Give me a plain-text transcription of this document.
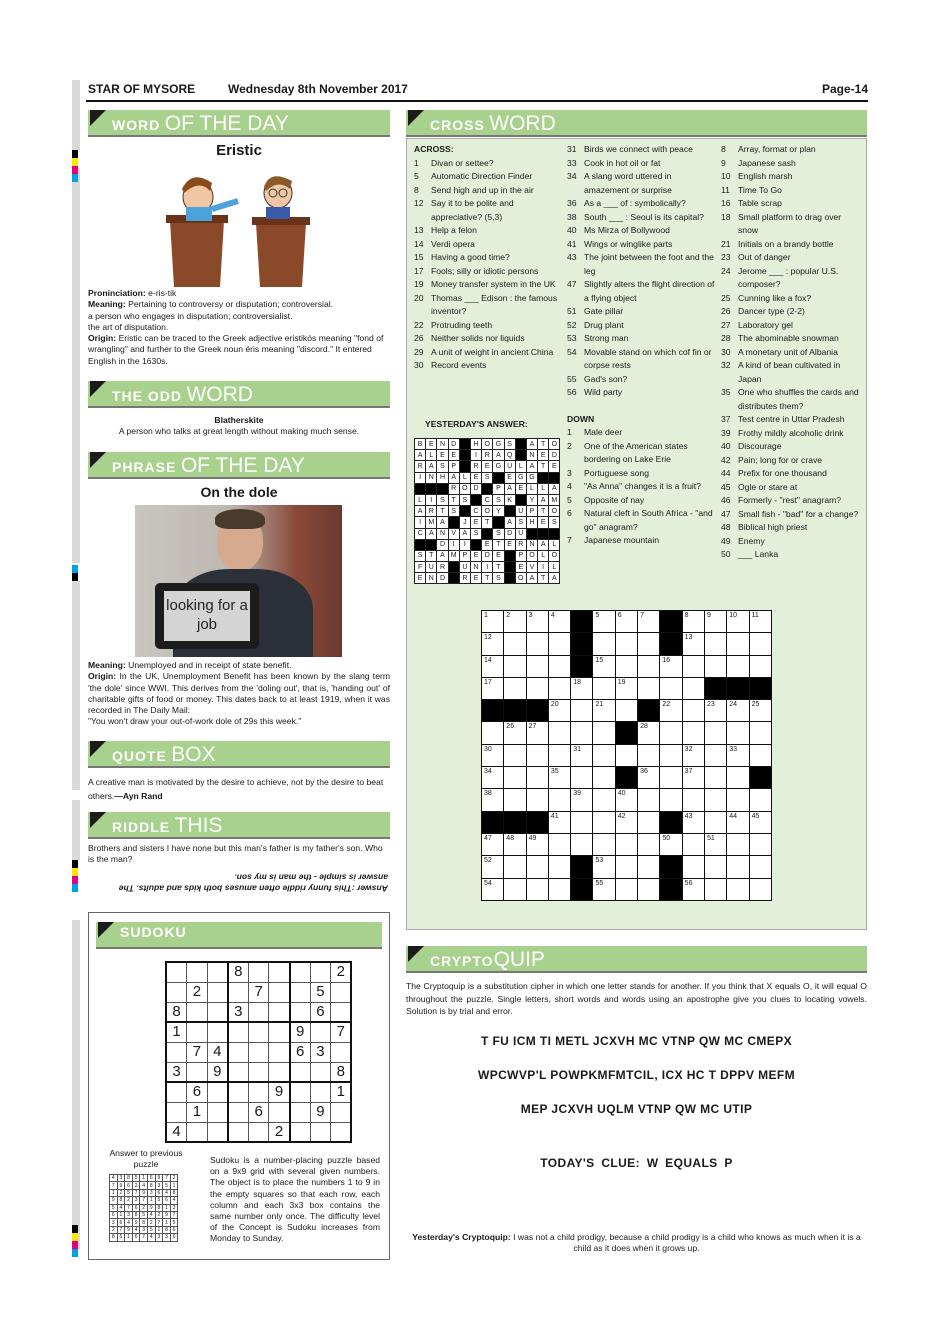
STAR OF MYSORE	Wednesday 8th November 2017	Page-14
WORD OF THE DAY
Eristic
Proninciation: e-ris-tik
Meaning: Pertaining to controversy or disputation; controversial.
a person who engages in disputation; controversialist.
the art of disputation.
Origin: Eristic can be traced to the Greek adjective eristikós meaning "fond of wrangling" and further to the Greek noun éris meaning "discord." It entered English in the 1630s.
THE ODD WORD
Blatherskite
A person who talks at great length without making much sense.
PHRASE OF THE DAY
On the dole
looking for a job
Meaning: Unemployed and in receipt of state benefit.
Origin: In the UK, Unemployment Benefit has been known by the slang term 'the dole' since WWI. This derives from the 'doling out', that is, 'handing out' of charitable gifts of food or money. This dates back to at least 1919, when it was recorded in The Daily Mail:
"You won't draw your out-of-work dole of 29s this week."
QUOTE BOX
A creative man is motivated by the desire to achieve, not by the desire to beat others.—Ayn Rand
RIDDLE THIS
Brothers and sisters I have none but this man's father is my father's son. Who is the man?
Answer :This funny riddle often amuses both kids and adults. The answer is simple - the man is my son.
SUDOKU
			8					2
	2			7			5	
8			3				6	
1						9		7
	7	4				6	3	
3		9						8
	6				9			1
	1			6			9	
4					2			
Answer to previous puzzle
4	3	8	5	1	6	9	7	2
7	9	6	2	4	8	3	5	1
1	2	5	7	9	3	6	4	8
9	8	2	3	7	1	5	6	4
5	4	7	6	2	9	8	1	3
6	1	3	8	5	4	2	9	7
3	6	4	9	8	2	7	1	5
2	7	9	4	3	5	1	8	6
8	5	1	6	7	4	3	3	6
Sudoku is a number-placing puzzle based on a 9x9 grid with several given numbers. The object is to place the numbers 1 to 9 in the empty squares so that each row, each column and each 3x3 box contains the same number only once. The difficulty level of the Concept is Sudoku increases from Monday to Sunday.
CROSS WORD
ACROSS:
1	Divan or settee?
5	Automatic Direction Finder
8	Send high and up in the air
12 Say it to be polite and appreciative? (5,3)
13 Help a felon
14 Verdi opera
15 Having a good time?
17 Fools; silly or idiotic persons
19 Money transfer system in the UK
20 Thomas ___ Edison : the famous inventor?
22 Protruding teeth
26 Neither solids nor liquids
29 A unit of weight in ancient China
30 Record events
YESTERDAY'S ANSWER:
B	E	N	D		H	O	G	S		A	T	O
A	L	E	E		I	R	A	Q		N	E	D
R	A	S	P		R	E	G	U	L	A	T	E
I	N	H	A	L	E	S		E	G	G		
			R	O	D		P	A	E	L	L	A
L	I	S	T	S		C	S	K		Y	A	M
A	R	T	S		C	O	Y		U	P	T	O
I	M	A		J	E	T		A	S	H	E	S
C	A	N	V	A	S		S	D	U			
		D	I	I		E	T	E	R	N	A	L
S	T	A	M	P	E	D	E		P	O	L	O
F	U	R		U	N	I	T		E	V	I	L
E	N	D		R	E	T	S		O	A	T	A
31 Birds we connect with peace
33 Cook in hot oil or fat
34 A slang word uttered in amazement or surprise
36 As a ___ of : symbolically?
38 South ___ : Seoul is its capital?
40 Ms Mirza of Bollywood
41 Wings or winglike parts
43 The joint between the foot and the leg
47 Slightly alters the flight direction of a flying object
51 Gate pillar
52 Drug plant
53 Strong man
54 Movable stand on which cof fin or corpse rests
55 Gad's son?
56 Wild party
DOWN
1	Male deer
2	One of the American states bordering on Lake Erie
3	Portuguese song
4	"As Anna" changes it is a fruit?
5	Opposite of nay
6	Natural cleft in South Africa - "and go" anagram?
7	Japanese mountain
8	Array, format or plan
9	Japanese sash
10 English marsh
11 Time To Go
16 Table scrap
18 Small platform to drag over snow
21 Initials on a brandy bottle
23 Out of danger
24 Jerome ___ : popular U.S. composer?
25 Cunning like a fox?
26 Dancer type (2-2)
27 Laboratory gel
28 The abominable snowman
30 A monetary unit of Albania
32 A kind of bean cultivated in Japan
35 One who shuffles the cards and distributes them?
37 Test centre in Uttar Pradesh
39 Frothy mildly alcoholic drink
40 Discourage
42 Pain; long for or crave
44 Prefix for one thousand
45 Ogle or stare at
46 Formerly - "rest" anagram?
47 Small fish - "bad" for a change?
48 Biblical high priest
49 Enemy
50 ___ Lanka
1	2	3	4		5	6	7		8	9	10	11

12									13			

14					15			16				

17				18		19						

			20		21			22		23	24	25

	26	27					28					

30				31					32		33	

34			35				36		37			

38				39		40						

			41			42			43		44	45

47	48	49						50		51		

52					53							

54					55				56			

CRYPTOQUIP
The Cryptoquip is a substitution cipher in which one letter stands for another. If you think that X equals O, it will equal O throughout the puzzle. Single letters, short words and words using an apostrophe give you clues to locating vowels. Solution is by trial and error.
T FU ICM TI METL JCXVH MC VTNP QW MC CMEPX
WPCWVP'L POWPKMFMTCIL, ICX HC T DPPV MEFM
MEP JCXVH UQLM VTNP QW MC UTIP
TODAY'S CLUE: W EQUALS P
Yesterday's Cryptoquip: I was not a child prodigy, because a child prodigy is a child who knows as much when it is a child as it does when it grows up.
